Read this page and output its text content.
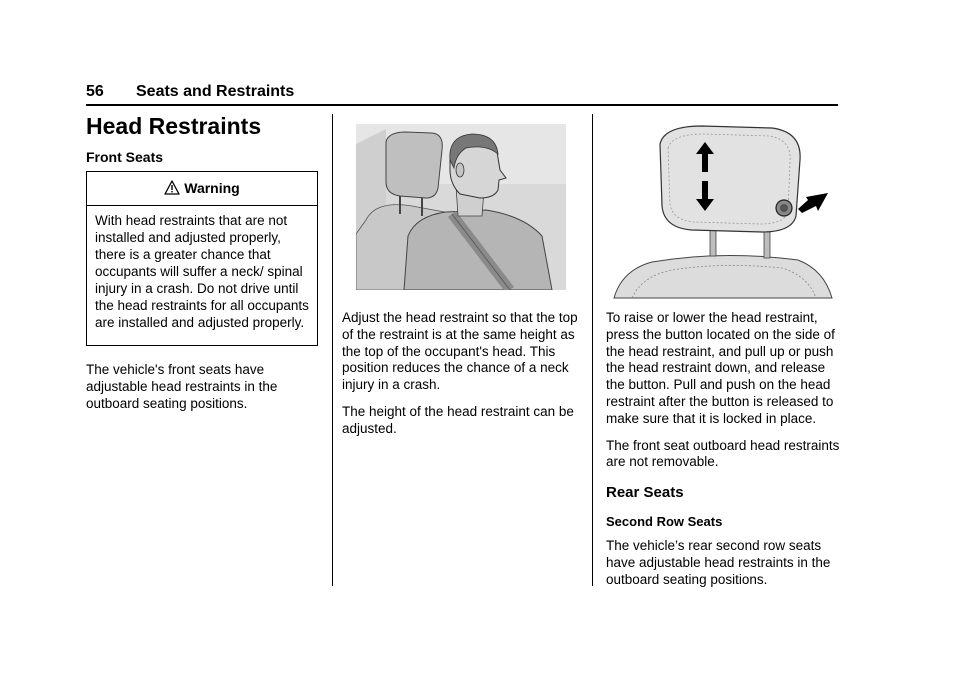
56 Seats and Restraints
Head Restraints
Front Seats
Warning
With head restraints that are not installed and adjusted properly, there is a greater chance that occupants will suffer a neck/ spinal injury in a crash. Do not drive until the head restraints for all occupants are installed and adjusted properly.

The vehicle's front seats have adjustable head restraints in the outboard seating positions.

Adjust the head restraint so that the top of the restraint is at the same height as the top of the occupant's head. This position reduces the chance of a neck injury in a crash.

The height of the head restraint can be adjusted.

To raise or lower the head restraint, press the button located on the side of the head restraint, and pull up or push the head restraint down, and release the button. Pull and push on the head restraint after the button is released to make sure that it is locked in place.

The front seat outboard head restraints are not removable.

Rear Seats
Second Row Seats

The vehicle’s rear second row seats have adjustable head restraints in the outboard seating positions.
